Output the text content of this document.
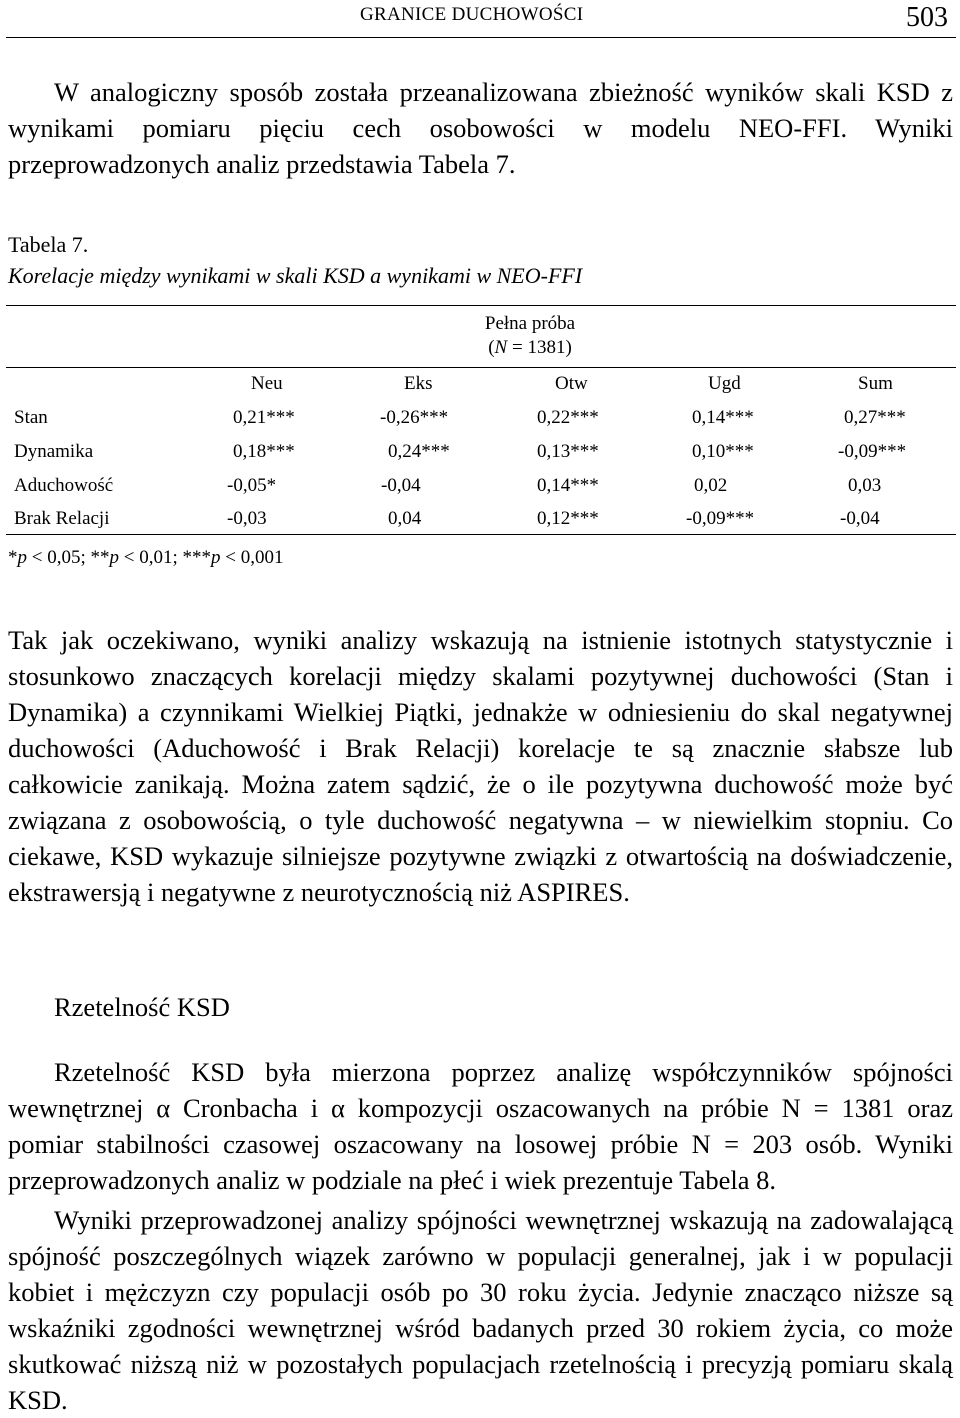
GRANICE DUCHOWOŚCI	503

W analogiczny sposób została przeanalizowana zbieżność wyników skali KSD z wynikami pomiaru pięciu cech osobowości w modelu NEO-FFI. Wyniki przeprowadzonych analiz przedstawia Tabela 7.

Tabela 7.
Korelacje między wynikami w skali KSD a wynikami w NEO-FFI
Pełna próba
(N = 1381)
Neu	Eks	Otw	Ugd	Sum
Stan	0,21***	-0,26***	0,22***	0,14***	0,27***
Dynamika	0,18***	0,24***	0,13***	0,10***	-0,09***
Aduchowość	-0,05*	-0,04	0,14***	0,02	0,03
Brak Relacji	-0,03	0,04	0,12***	-0,09***	-0,04
*p < 0,05; **p < 0,01; ***p < 0,001

Tak jak oczekiwano, wyniki analizy wskazują na istnienie istotnych statystycznie i stosunkowo znaczących korelacji między skalami pozytywnej duchowości (Stan i Dynamika) a czynnikami Wielkiej Piątki, jednakże w odniesieniu do skal negatywnej duchowości (Aduchowość i Brak Relacji) korelacje te są znacznie słabsze lub całkowicie zanikają. Można zatem sądzić, że o ile pozytywna duchowość może być związana z osobowością, o tyle duchowość negatywna – w niewielkim stopniu. Co ciekawe, KSD wykazuje silniejsze pozytywne związki z otwartością na doświadczenie, ekstrawersją i negatywne z neurotycznością niż ASPIRES.

Rzetelność KSD

Rzetelność KSD była mierzona poprzez analizę współczynników spójności wewnętrznej α Cronbacha i α kompozycji oszacowanych na próbie N = 1381 oraz pomiar stabilności czasowej oszacowany na losowej próbie N = 203 osób. Wyniki przeprowadzonych analiz w podziale na płeć i wiek prezentuje Tabela 8.

Wyniki przeprowadzonej analizy spójności wewnętrznej wskazują na zadowalającą spójność poszczególnych wiązek zarówno w populacji generalnej, jak i w populacji kobiet i mężczyzn czy populacji osób po 30 roku życia. Jedynie znacząco niższe są wskaźniki zgodności wewnętrznej wśród badanych przed 30 rokiem życia, co może skutkować niższą niż w pozostałych populacjach rzetelnością i precyzją pomiaru skalą KSD.
